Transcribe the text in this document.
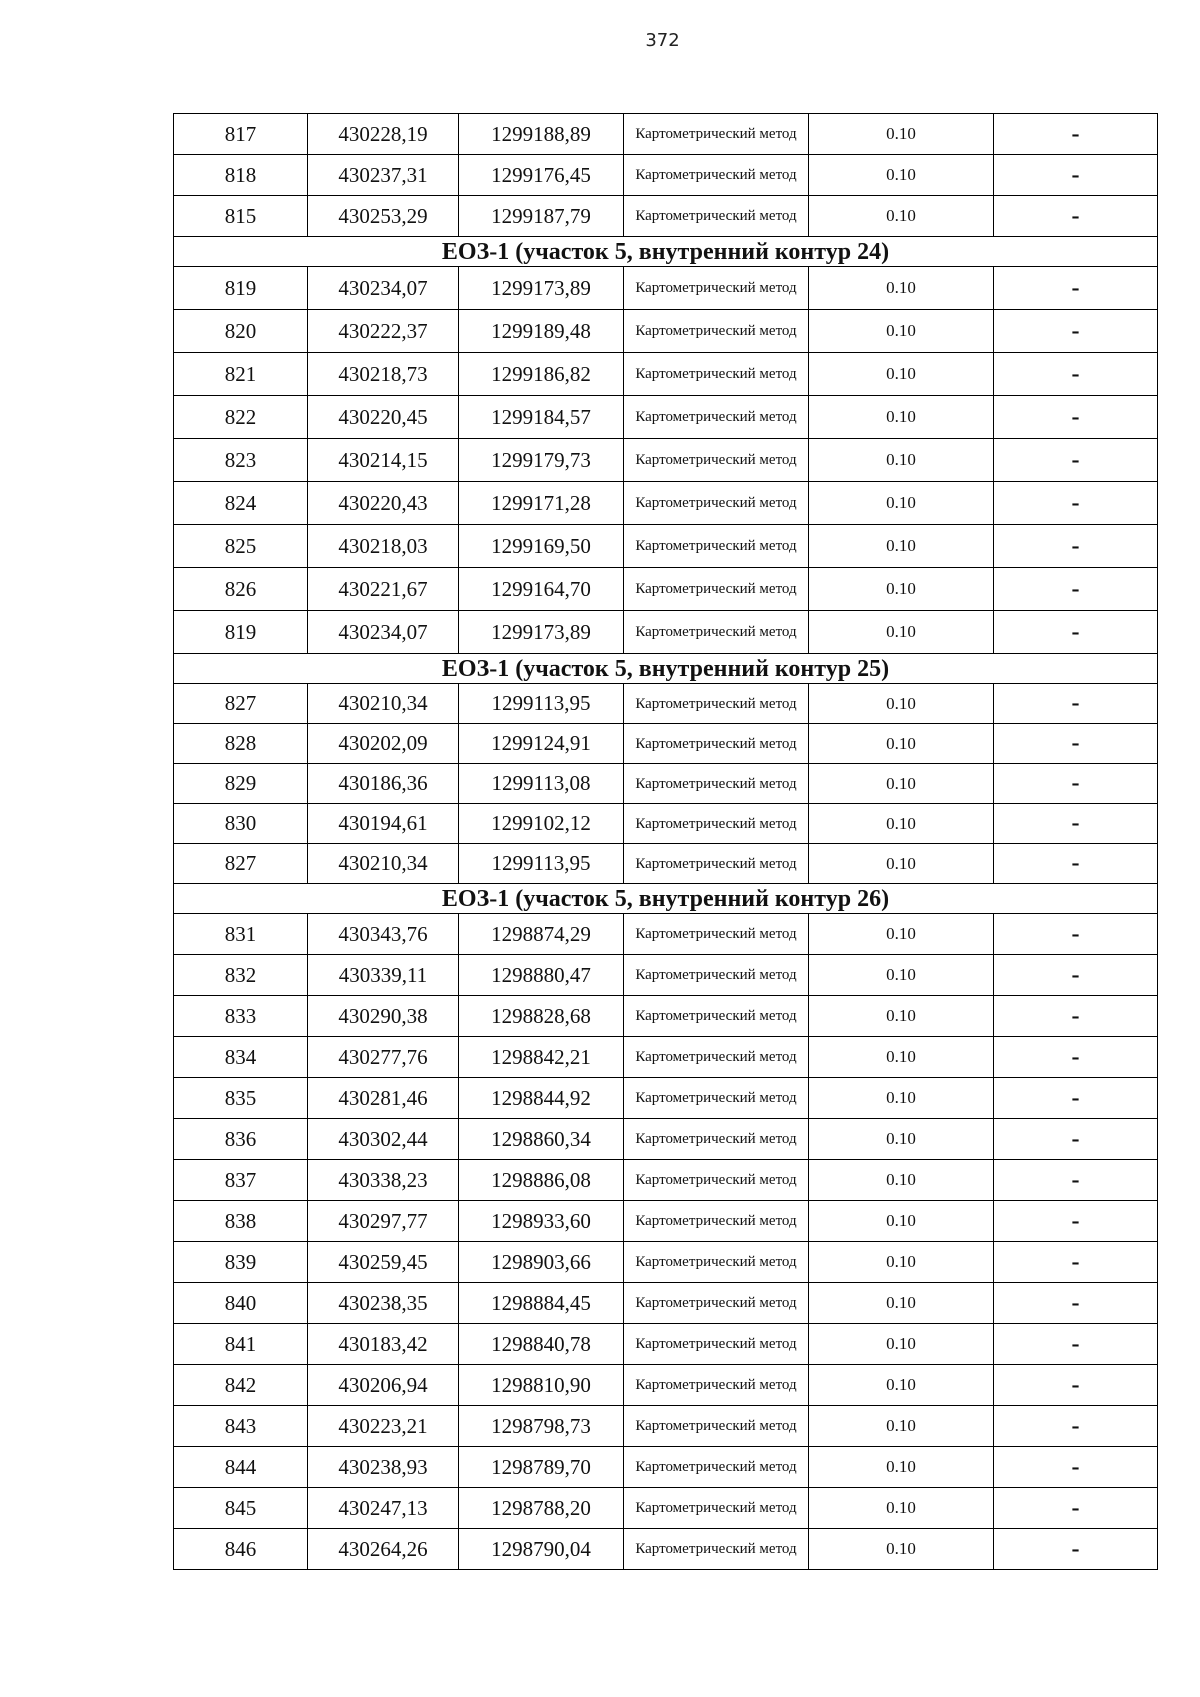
372
817	430228,19	1299188,89	Картометрический метод	0.10	-
818	430237,31	1299176,45	Картометрический метод	0.10	-
815	430253,29	1299187,79	Картометрический метод	0.10	-
ЕОЗ-1 (участок 5, внутренний контур 24)					
819	430234,07	1299173,89	Картометрический метод	0.10	-
820	430222,37	1299189,48	Картометрический метод	0.10	-
821	430218,73	1299186,82	Картометрический метод	0.10	-
822	430220,45	1299184,57	Картометрический метод	0.10	-
823	430214,15	1299179,73	Картометрический метод	0.10	-
824	430220,43	1299171,28	Картометрический метод	0.10	-
825	430218,03	1299169,50	Картометрический метод	0.10	-
826	430221,67	1299164,70	Картометрический метод	0.10	-
819	430234,07	1299173,89	Картометрический метод	0.10	-
ЕОЗ-1 (участок 5, внутренний контур 25)					
827	430210,34	1299113,95	Картометрический метод	0.10	-
828	430202,09	1299124,91	Картометрический метод	0.10	-
829	430186,36	1299113,08	Картометрический метод	0.10	-
830	430194,61	1299102,12	Картометрический метод	0.10	-
827	430210,34	1299113,95	Картометрический метод	0.10	-
ЕОЗ-1 (участок 5, внутренний контур 26)					
831	430343,76	1298874,29	Картометрический метод	0.10	-
832	430339,11	1298880,47	Картометрический метод	0.10	-
833	430290,38	1298828,68	Картометрический метод	0.10	-
834	430277,76	1298842,21	Картометрический метод	0.10	-
835	430281,46	1298844,92	Картометрический метод	0.10	-
836	430302,44	1298860,34	Картометрический метод	0.10	-
837	430338,23	1298886,08	Картометрический метод	0.10	-
838	430297,77	1298933,60	Картометрический метод	0.10	-
839	430259,45	1298903,66	Картометрический метод	0.10	-
840	430238,35	1298884,45	Картометрический метод	0.10	-
841	430183,42	1298840,78	Картометрический метод	0.10	-
842	430206,94	1298810,90	Картометрический метод	0.10	-
843	430223,21	1298798,73	Картометрический метод	0.10	-
844	430238,93	1298789,70	Картометрический метод	0.10	-
845	430247,13	1298788,20	Картометрический метод	0.10	-
846	430264,26	1298790,04	Картометрический метод	0.10	-
